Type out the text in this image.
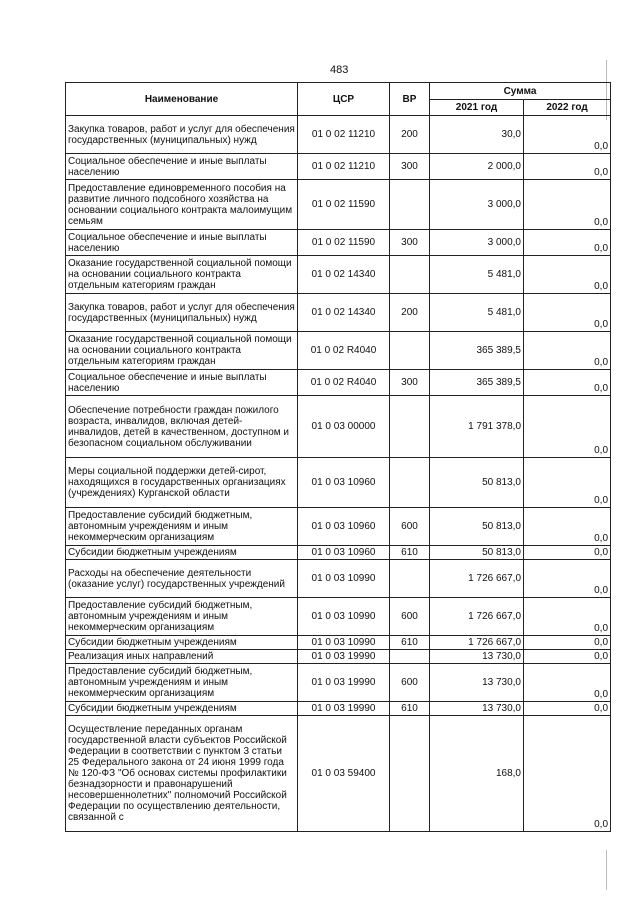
483
Наименование	ЦСР	ВР	Сумма	
			2021 год	2022 год
Закупка товаров, работ и услуг для обеспечения государственных (муниципальных) нужд	01 0 02 11210	200	30,0	0,0
Социальное обеспечение и иные выплаты населению	01 0 02 11210	300	2 000,0	0,0
Предоставление единовременного пособия на развитие личного подсобного хозяйства на основании социального контракта малоимущим семьям	01 0 02 11590		3 000,0	0,0
Социальное обеспечение и иные выплаты населению	01 0 02 11590	300	3 000,0	0,0
Оказание государственной социальной помощи на основании социального контракта отдельным категориям граждан	01 0 02 14340		5 481,0	0,0
Закупка товаров, работ и услуг для обеспечения государственных (муниципальных) нужд	01 0 02 14340	200	5 481,0	0,0
Оказание государственной социальной помощи на основании социального контракта отдельным категориям граждан	01 0 02 R4040		365 389,5	0,0
Социальное обеспечение и иные выплаты населению	01 0 02 R4040	300	365 389,5	0,0
Обеспечение потребности граждан пожилого возраста, инвалидов, включая детей-инвалидов, детей в качественном, доступном и безопасном социальном обслуживании	01 0 03 00000		1 791 378,0	0,0
Меры социальной поддержки детей-сирот, находящихся в государственных организациях (учреждениях) Курганской области	01 0 03 10960		50 813,0	0,0
Предоставление субсидий бюджетным, автономным учреждениям и иным некоммерческим организациям	01 0 03 10960	600	50 813,0	0,0
Субсидии бюджетным учреждениям	01 0 03 10960	610	50 813,0	0,0
Расходы на обеспечение деятельности (оказание услуг) государственных учреждений	01 0 03 10990		1 726 667,0	0,0
Предоставление субсидий бюджетным, автономным учреждениям и иным некоммерческим организациям	01 0 03 10990	600	1 726 667,0	0,0
Субсидии бюджетным учреждениям	01 0 03 10990	610	1 726 667,0	0,0
Реализация иных направлений	01 0 03 19990		13 730,0	0,0
Предоставление субсидий бюджетным, автономным учреждениям и иным некоммерческим организациям	01 0 03 19990	600	13 730,0	0,0
Субсидии бюджетным учреждениям	01 0 03 19990	610	13 730,0	0,0
Осуществление переданных органам государственной власти субъектов Российской Федерации в соответствии с пунктом 3 статьи 25 Федерального закона от 24 июня 1999 года № 120-ФЗ "Об основах системы профилактики безнадзорности и правонарушений несовершеннолетних" полномочий Российской Федерации по осуществлению деятельности, связанной с	01 0 03 59400		168,0	0,0
